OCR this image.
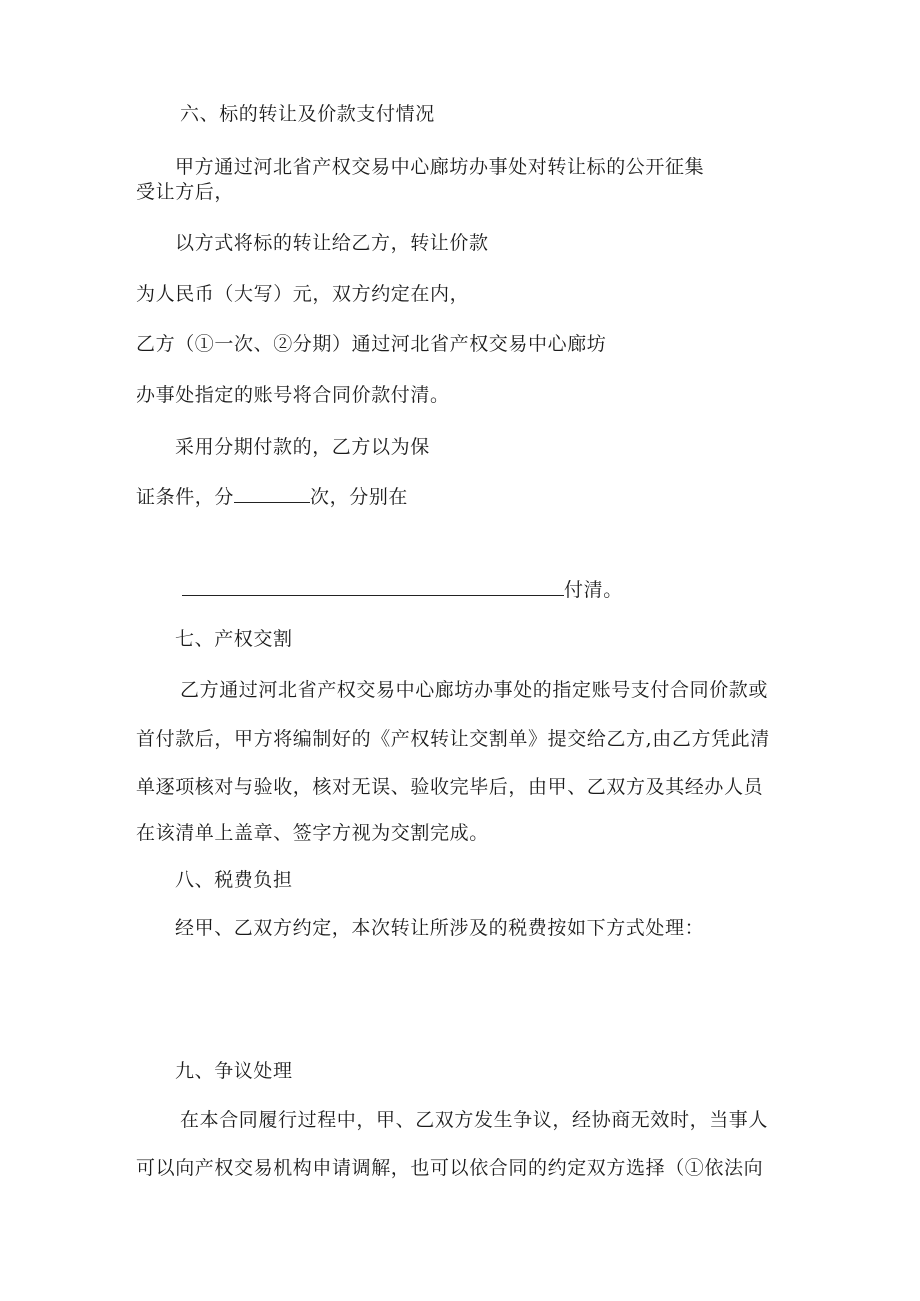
六、标的转让及价款支付情况
甲方通过河北省产权交易中心廊坊办事处对转让标的公开征集
受让方后，
以方式将标的转让给乙方，转让价款
为人民币（大写）元，双方约定在内，
乙方（①一次、②分期）通过河北省产权交易中心廊坊
办事处指定的账号将合同价款付清。
采用分期付款的，乙方以为保
证条件，分	次，分别在
付清。
七、产权交割
乙方通过河北省产权交易中心廊坊办事处的指定账号支付合同价款或
首付款后，甲方将编制好的《产权转让交割单》提交给乙方,由乙方凭此清
单逐项核对与验收，核对无误、验收完毕后，由甲、乙双方及其经办人员
在该清单上盖章、签字方视为交割完成。
八、税费负担
经甲、乙双方约定，本次转让所涉及的税费按如下方式处理：
九、争议处理
在本合同履行过程中，甲、乙双方发生争议，经协商无效时，当事人
可以向产权交易机构申请调解，也可以依合同的约定双方选择（①依法向
